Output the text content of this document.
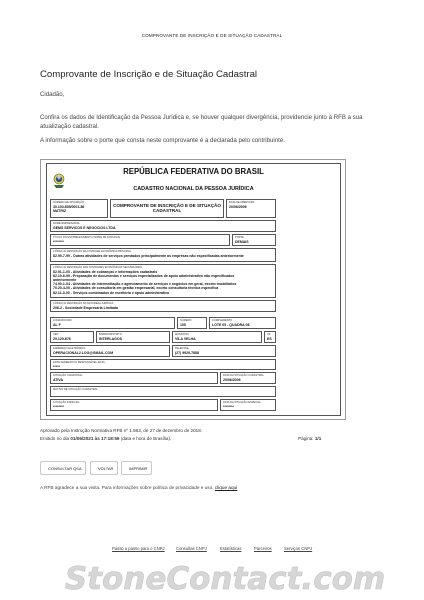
COMPROVANTE DE INSCRIÇÃO E DE SITUAÇÃO CADASTRAL
Comprovante de Inscrição e de Situação Cadastral
Cidadão,
Confira os dados de Identificação da Pessoa Jurídica e, se houver qualquer divergência, providencie junto à RFB a sua atualização cadastral.
A informação sobre o porte que consta neste comprovante é a declarada pelo contribuinte.
REPÚBLICA FEDERATIVA DO BRASIL
CADASTRO NACIONAL DA PESSOA JURÍDICA
NÚMERO DE INSCRIÇÃO
30.103.855/0001-86
MATRIZ
COMPROVANTE DE INSCRIÇÃO E DE SITUAÇÃO CADASTRAL
DATA DE ABERTURA
20/06/2006
NOME EMPRESARIAL
GEMS SERVICOS E NEGOCIOS LTDA
TÍTULO DO ESTABELECIMENTO (NOME DE FANTASIA)
********
PORTE
DEMAIS
CÓDIGO E DESCRIÇÃO DA ATIVIDADE ECONÔMICA PRINCIPAL
82.99-7-99 - Outras atividades de serviços prestados principalmente às empresas não especificadas anteriormente
CÓDIGO E DESCRIÇÃO DAS ATIVIDADES ECONÔMICAS SECUNDÁRIAS
82.91-1-00 - Atividades de cobranças e informações cadastrais
82.19-6-99 - Preparação de documentos e serviços especializados de apoio administrativo não especificados
anteriormente
74.90-1-04 - Atividades de intermediação e agenciamento de serviços e negócios em geral, exceto imobiliários
70.20-4-00 - Atividades de consultoria em gestão empresarial, exceto consultoria técnica específica
82.11-3-00 - Serviços combinados de escritório e apoio administrativo
CÓDIGO E DESCRIÇÃO DA NATUREZA JURÍDICA
206-2 - Sociedade Empresária Limitada
LOGRADOURO
AL F
NÚMERO
105
COMPLEMENTO
LOTE 05 - QUADRA 08
CEP
29.129-676
BAIRRO/DISTRITO
INTERLAGOS
MUNICÍPIO
VILA VELHA
UF
ES
ENDEREÇO ELETRÔNICO
OPERACIONAL2.LOG@GMAIL.COM
TELEFONE
(27) 9929-7888
ENTE FEDERATIVO RESPONSÁVEL (EFR)
*****
SITUAÇÃO CADASTRAL
ATIVA
DATA DA SITUAÇÃO CADASTRAL
20/06/2006
MOTIVO DE SITUAÇÃO CADASTRAL
SITUAÇÃO ESPECIAL
********
DATA DA SITUAÇÃO ESPECIAL
********
Aprovado pela Instrução Normativa RFB nº 1.863, de 27 de dezembro de 2018.
Emitido no dia 01/06/2021 às 17:18:59 (data e hora de Brasília).	Página: 1/1
CONSULTAR QSA	VOLTAR	IMPRIMIR
A RFB agradece a sua visita. Para informações sobre política de privacidade e uso, clique aqui
Passo a passo para o CNPJ	Consultas CNPJ	Estatísticas	Parceiros	Serviços CNPJ
StoneContact.com
